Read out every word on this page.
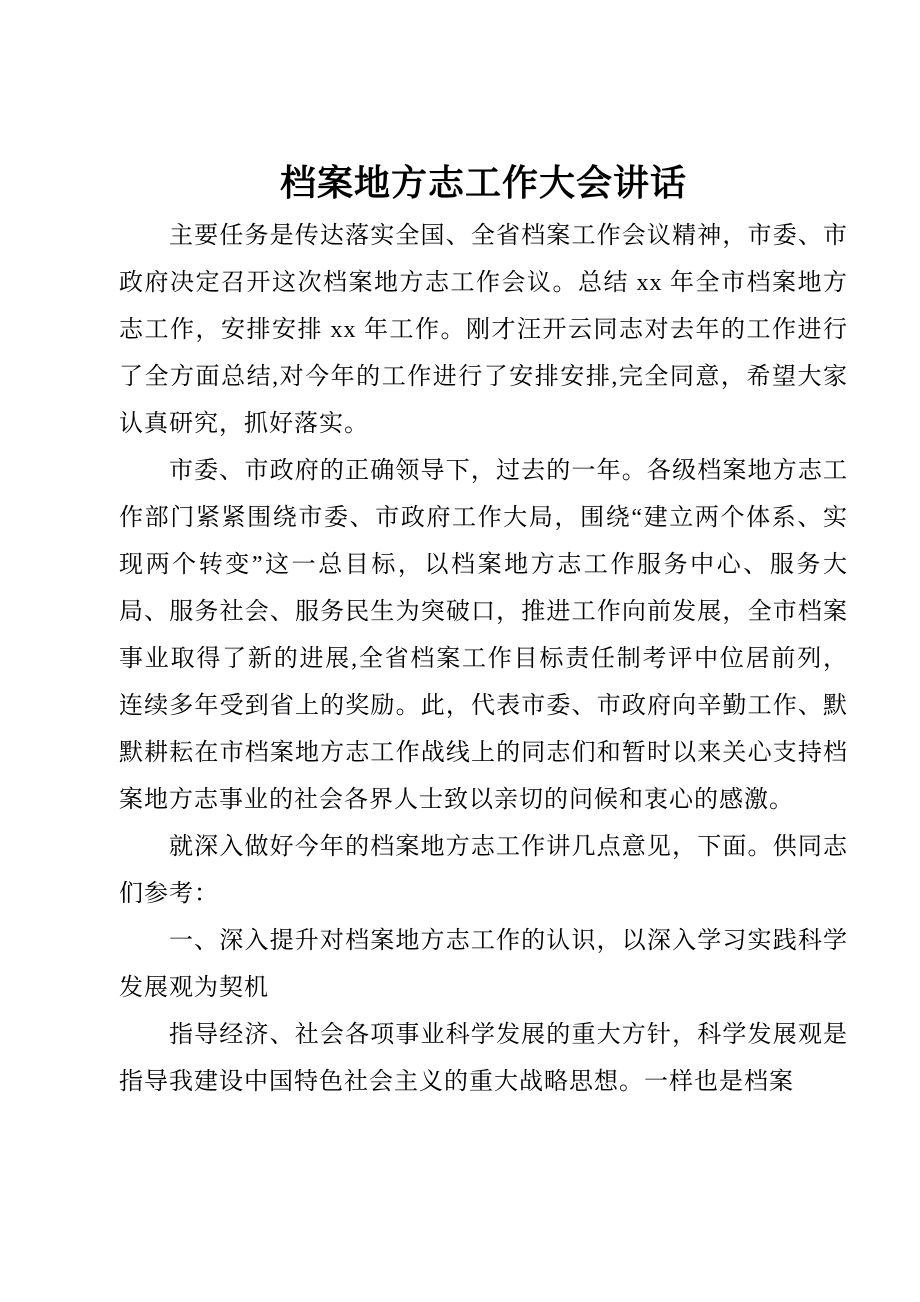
档案地方志工作大会讲话

主要任务是传达落实全国、全省档案工作会议精神，市委、市政府决定召开这次档案地方志工作会议。总结 xx 年全市档案地方志工作，安排安排 xx 年工作。刚才汪开云同志对去年的工作进行了全方面总结,对今年的工作进行了安排安排,完全同意，希望大家认真研究，抓好落实。

市委、市政府的正确领导下，过去的一年。各级档案地方志工作部门紧紧围绕市委、市政府工作大局，围绕“建立两个体系、实现两个转变”这一总目标，以档案地方志工作服务中心、服务大局、服务社会、服务民生为突破口，推进工作向前发展，全市档案事业取得了新的进展,全省档案工作目标责任制考评中位居前列，连续多年受到省上的奖励。此，代表市委、市政府向辛勤工作、默默耕耘在市档案地方志工作战线上的同志们和暂时以来关心支持档案地方志事业的社会各界人士致以亲切的问候和衷心的感激。

就深入做好今年的档案地方志工作讲几点意见，下面。供同志们参考：

一、深入提升对档案地方志工作的认识，以深入学习实践科学发展观为契机

指导经济、社会各项事业科学发展的重大方针，科学发展观是指导我建设中国特色社会主义的重大战略思想。一样也是档案
